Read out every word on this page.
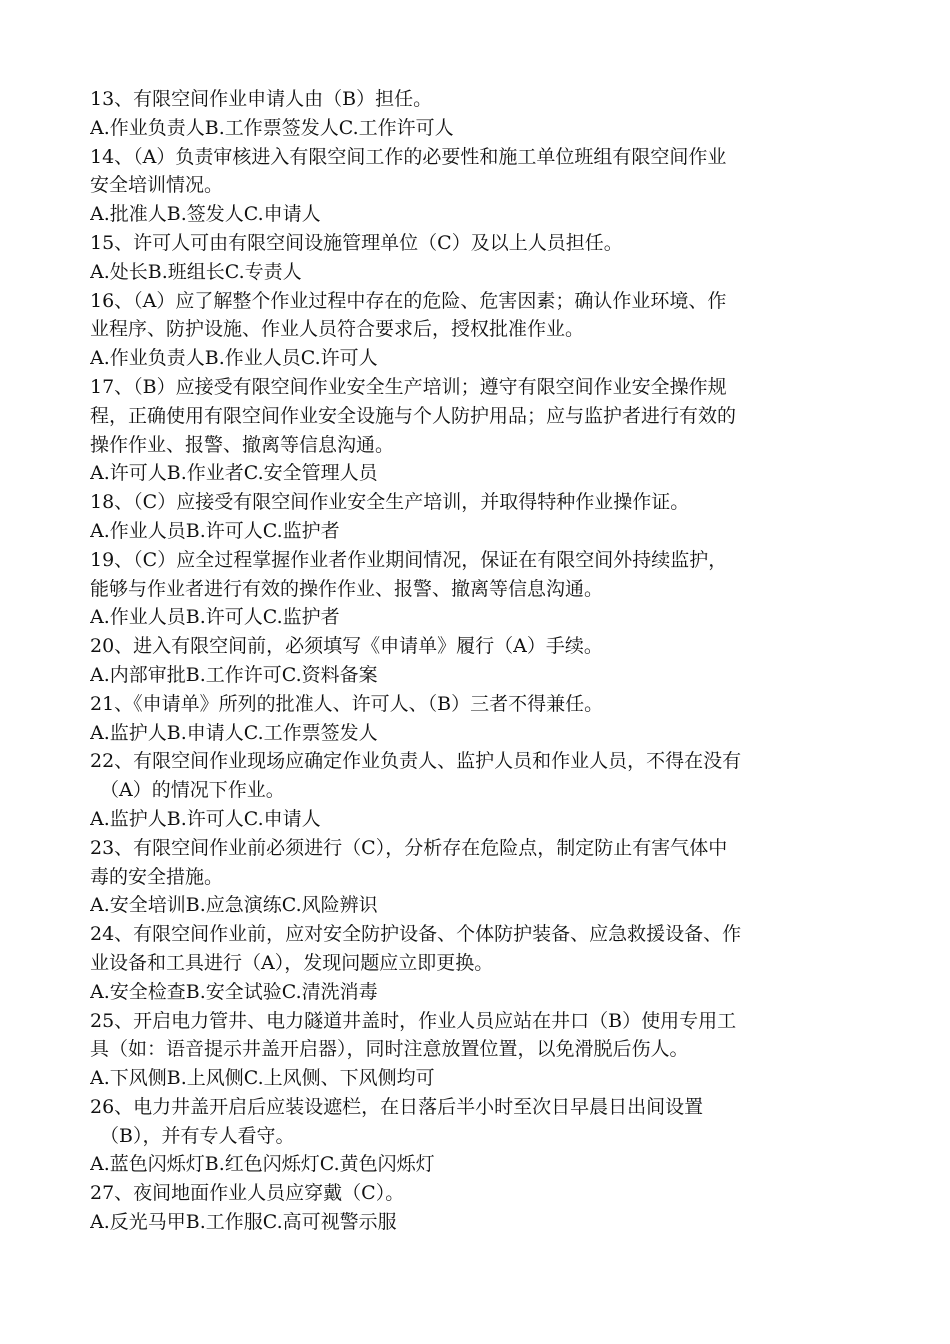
13、有限空间作业申请人由（B）担任。
A.作业负责人B.工作票签发人C.工作许可人
14、（A）负责审核进入有限空间工作的必要性和施工单位班组有限空间作业
安全培训情况。
A.批准人B.签发人C.申请人
15、许可人可由有限空间设施管理单位（C）及以上人员担任。
A.处长B.班组长C.专责人
16、（A）应了解整个作业过程中存在的危险、危害因素；确认作业环境、作
业程序、防护设施、作业人员符合要求后，授权批准作业。
A.作业负责人B.作业人员C.许可人
17、（B）应接受有限空间作业安全生产培训；遵守有限空间作业安全操作规
程，正确使用有限空间作业安全设施与个人防护用品；应与监护者进行有效的
操作作业、报警、撤离等信息沟通。
A.许可人B.作业者C.安全管理人员
18、（C）应接受有限空间作业安全生产培训，并取得特种作业操作证。
A.作业人员B.许可人C.监护者
19、（C）应全过程掌握作业者作业期间情况，保证在有限空间外持续监护，
能够与作业者进行有效的操作作业、报警、撤离等信息沟通。
A.作业人员B.许可人C.监护者
20、进入有限空间前，必须填写《申请单》履行（A）手续。
A.内部审批B.工作许可C.资料备案
21、《申请单》所列的批准人、许可人、（B）三者不得兼任。
A.监护人B.申请人C.工作票签发人
22、有限空间作业现场应确定作业负责人、监护人员和作业人员，不得在没有
（A）的情况下作业。
A.监护人B.许可人C.申请人
23、有限空间作业前必须进行（C），分析存在危险点，制定防止有害气体中
毒的安全措施。
A.安全培训B.应急演练C.风险辨识
24、有限空间作业前，应对安全防护设备、个体防护装备、应急救援设备、作
业设备和工具进行（A），发现问题应立即更换。
A.安全检查B.安全试验C.清洗消毒
25、开启电力管井、电力隧道井盖时，作业人员应站在井口（B）使用专用工
具（如：语音提示井盖开启器），同时注意放置位置，以免滑脱后伤人。
A.下风侧B.上风侧C.上风侧、下风侧均可
26、电力井盖开启后应装设遮栏，在日落后半小时至次日早晨日出间设置
（B），并有专人看守。
A.蓝色闪烁灯B.红色闪烁灯C.黄色闪烁灯
27、夜间地面作业人员应穿戴（C）。
A.反光马甲B.工作服C.高可视警示服
